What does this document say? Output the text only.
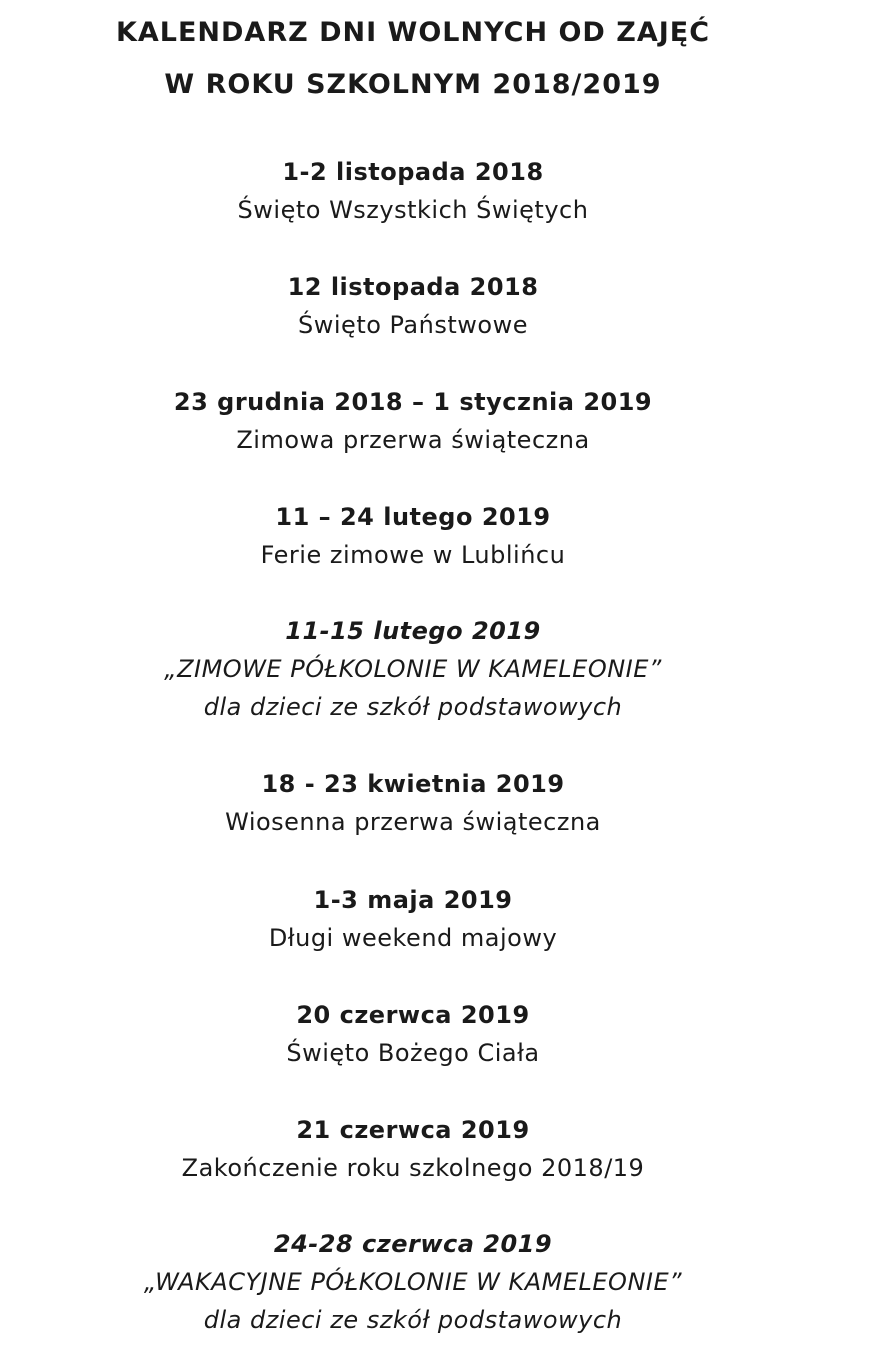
KALENDARZ DNI WOLNYCH OD ZAJĘĆ
W ROKU SZKOLNYM 2018/2019
1-2 listopada 2018
Święto Wszystkich Świętych
12 listopada 2018
Święto Państwowe
23 grudnia 2018 – 1 stycznia 2019
Zimowa przerwa świąteczna
11 – 24 lutego 2019
Ferie zimowe w Lublińcu
11-15 lutego 2019
„ZIMOWE PÓŁKOLONIE W KAMELEONIE”
dla dzieci ze szkół podstawowych
18 - 23 kwietnia 2019
Wiosenna przerwa świąteczna
1-3 maja 2019
Długi weekend majowy
20 czerwca 2019
Święto Bożego Ciała
21 czerwca 2019
Zakończenie roku szkolnego 2018/19
24-28 czerwca 2019
„WAKACYJNE PÓŁKOLONIE W KAMELEONIE”
dla dzieci ze szkół podstawowych
